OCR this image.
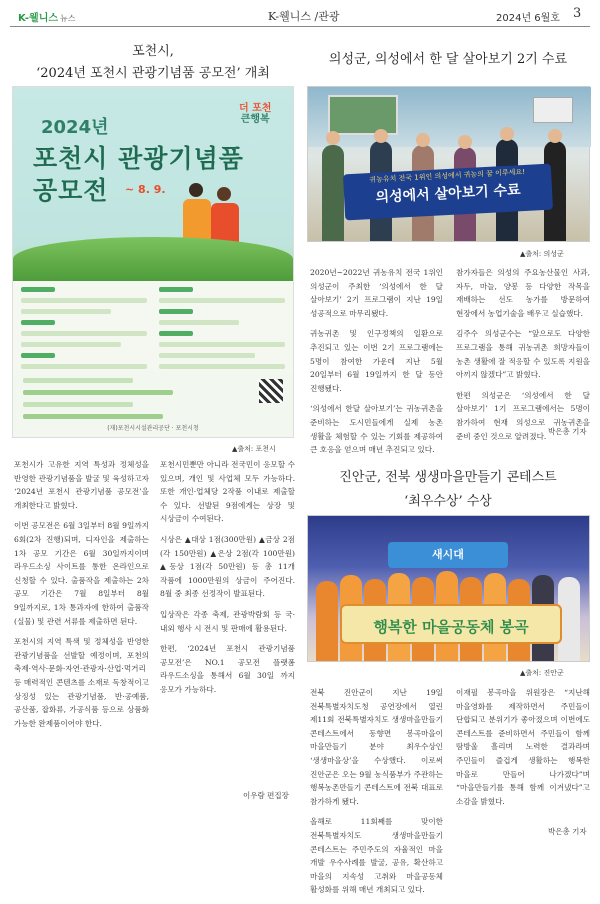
K-웰니스 뉴스	K-웰니스 /관광	2024년 6월호 3
포천시,
‘2024년 포천시 관광기념품 공모전’ 개최
더 포천
큰행복
2024년
포천시 관광기념품
공모전 ~ 8. 9.
(재)포천시시설관리공단 · 포천시청
▲출처: 포천시

포천시가 고유한 지역 특성과 정체성을 반영한 관광기념품을 발굴 및 육성하고자 ‘2024년 포천시 관광기념품 공모전’을 개최한다고 밝혔다.

이번 공모전은 6월 3일부터 8월 9일까지 6회(2차 진행)되며, 디자인을 제출하는 1차 공모 기간은 6월 30일까지이며 라우드소싱 사이트를 통한 온라인으로 신청할 수 있다. 출품작을 제출하는 2차 공모 기간은 7월 8일부터 8월 9일까지로, 1차 통과자에 한하여 출품작(실물) 및 관련 서류를 제출하면 된다.

포천시의 지역 특색 및 정체성을 반영한 관광기념품을 선발할 예정이며, 포천의 축제·역사·문화·자연·관광자·산업·먹거리 등 매력적인 콘텐츠를 소재로 독창적이고 상징성 있는 관광기념품, 반·공예품, 공산품, 잡화류, 가공식품 등으로 상품화 가능한 완제품이어야 한다.

포천시민뿐만 아니라 전국민이 응모할 수 있으며, 개인 및 사업체 모두 가능하다. 또한 개인·업체당 2작품 이내로 제출할 수 있다. 선발된 9점에게는 상장 및 시상금이 수여된다.

시상은 ▲대상 1점(300만원) ▲금상 2점(각 150만원) ▲은상 2점(각 100만원) ▲동상 1점(각 50만원) 등 총 11개 작품에 1000만원의 상금이 주어진다. 8월 중 최종 선정작이 발표된다.

입상작은 각종 축제, 관광박람회 등 국·내외 행사 시 전시 및 판매에 활용된다.

한편, ‘2024년 포천시 관광기념품 공모전’은 NO.1 공모전 플랫폼 라우드소싱을 통해서 6월 30일 까지 응모가 가능하다.

이우람 편집장
의성군, 의성에서 한 달 살아보기 2기 수료
귀농유치 전국 1위인 의성에서 귀농의 꿈 이루세요!
의성에서 살아보기 수료
▲출처: 의성군

2020년~2022년 귀농유치 전국 1위인 의성군이 주최한 ‘의성에서 한 달 살아보기’ 2기 프로그램이 지난 19일 성공적으로 마무리됐다.

귀농귀촌 및 인구정책의 일환으로 추진되고 있는 이번 2기 프로그램에는 5명이 참여한 가운데 지난 5월 20일부터 6월 19일까지 한 달 동안 진행됐다.

‘의성에서 한달 살아보기’는 귀농귀촌을 준비하는 도시민들에게 실제 농촌 생활을 체험할 수 있는 기회를 제공하여 큰 호응을 얻으며 매년 추진되고 있다.

참가자들은 의성의 주요농산물인 사과, 자두, 마늘, 양봉 등 다양한 작목을 재배하는 선도 농가를 방문하여 현장에서 농업기술을 배우고 실습했다.

김주수 의성군수는 “앞으로도 다양한 프로그램을 통해 귀농귀촌 희망자들이 농촌 생활에 잘 적응할 수 있도록 지원을 아끼지 않겠다”고 밝혔다.

한편 의성군은 ‘의성에서 한 달 살아보기’ 1기 프로그램에서는 5명이 참가하여 현재 의성으로 귀농귀촌을 준비 중인 것으로 알려졌다.

박은총 기자
진안군, 전북 생생마을만들기 콘테스트
‘최우수상’ 수상
새시대
행복한 마을공동체 봉곡
▲출처: 진안군

전북 진안군이 지난 19일 전북특별자치도청 공연장에서 열린 제11회 전북특별자치도 생생마을만들기 콘테스트에서 동향면 봉곡마을이 마을만들기 분야 최우수상인 ‘생생마을상’을 수상했다. 이로써 진안군은 오는 9월 농식품부가 주관하는 행복농촌만들기 콘테스트에 전북 대표로 참가하게 됐다.

올해로 11회째를 맞이한 전북특별자치도 생생마을만들기 콘테스트는 주민주도의 자율적인 마을 개발 우수사례를 발굴, 공유, 확산하고 마을의 지속성 고취와 마을공동체 활성화를 위해 매년 개최되고 있다.

이재필 봉곡마을 위원장은 “지난해 마을영화를 제작하면서 주민들이 단합되고 분위기가 좋아졌으며 이번에도 콘테스트를 준비하면서 주민들이 함께 땀방울 흘리며 노력한 결과라며 주민들이 즐겁게 생활하는 행복한 마을로 만들어 나가겠다”며 “마을만들기를 통해 함께 이겨냈다”고 소감을 밝혔다.

박은총 기자
